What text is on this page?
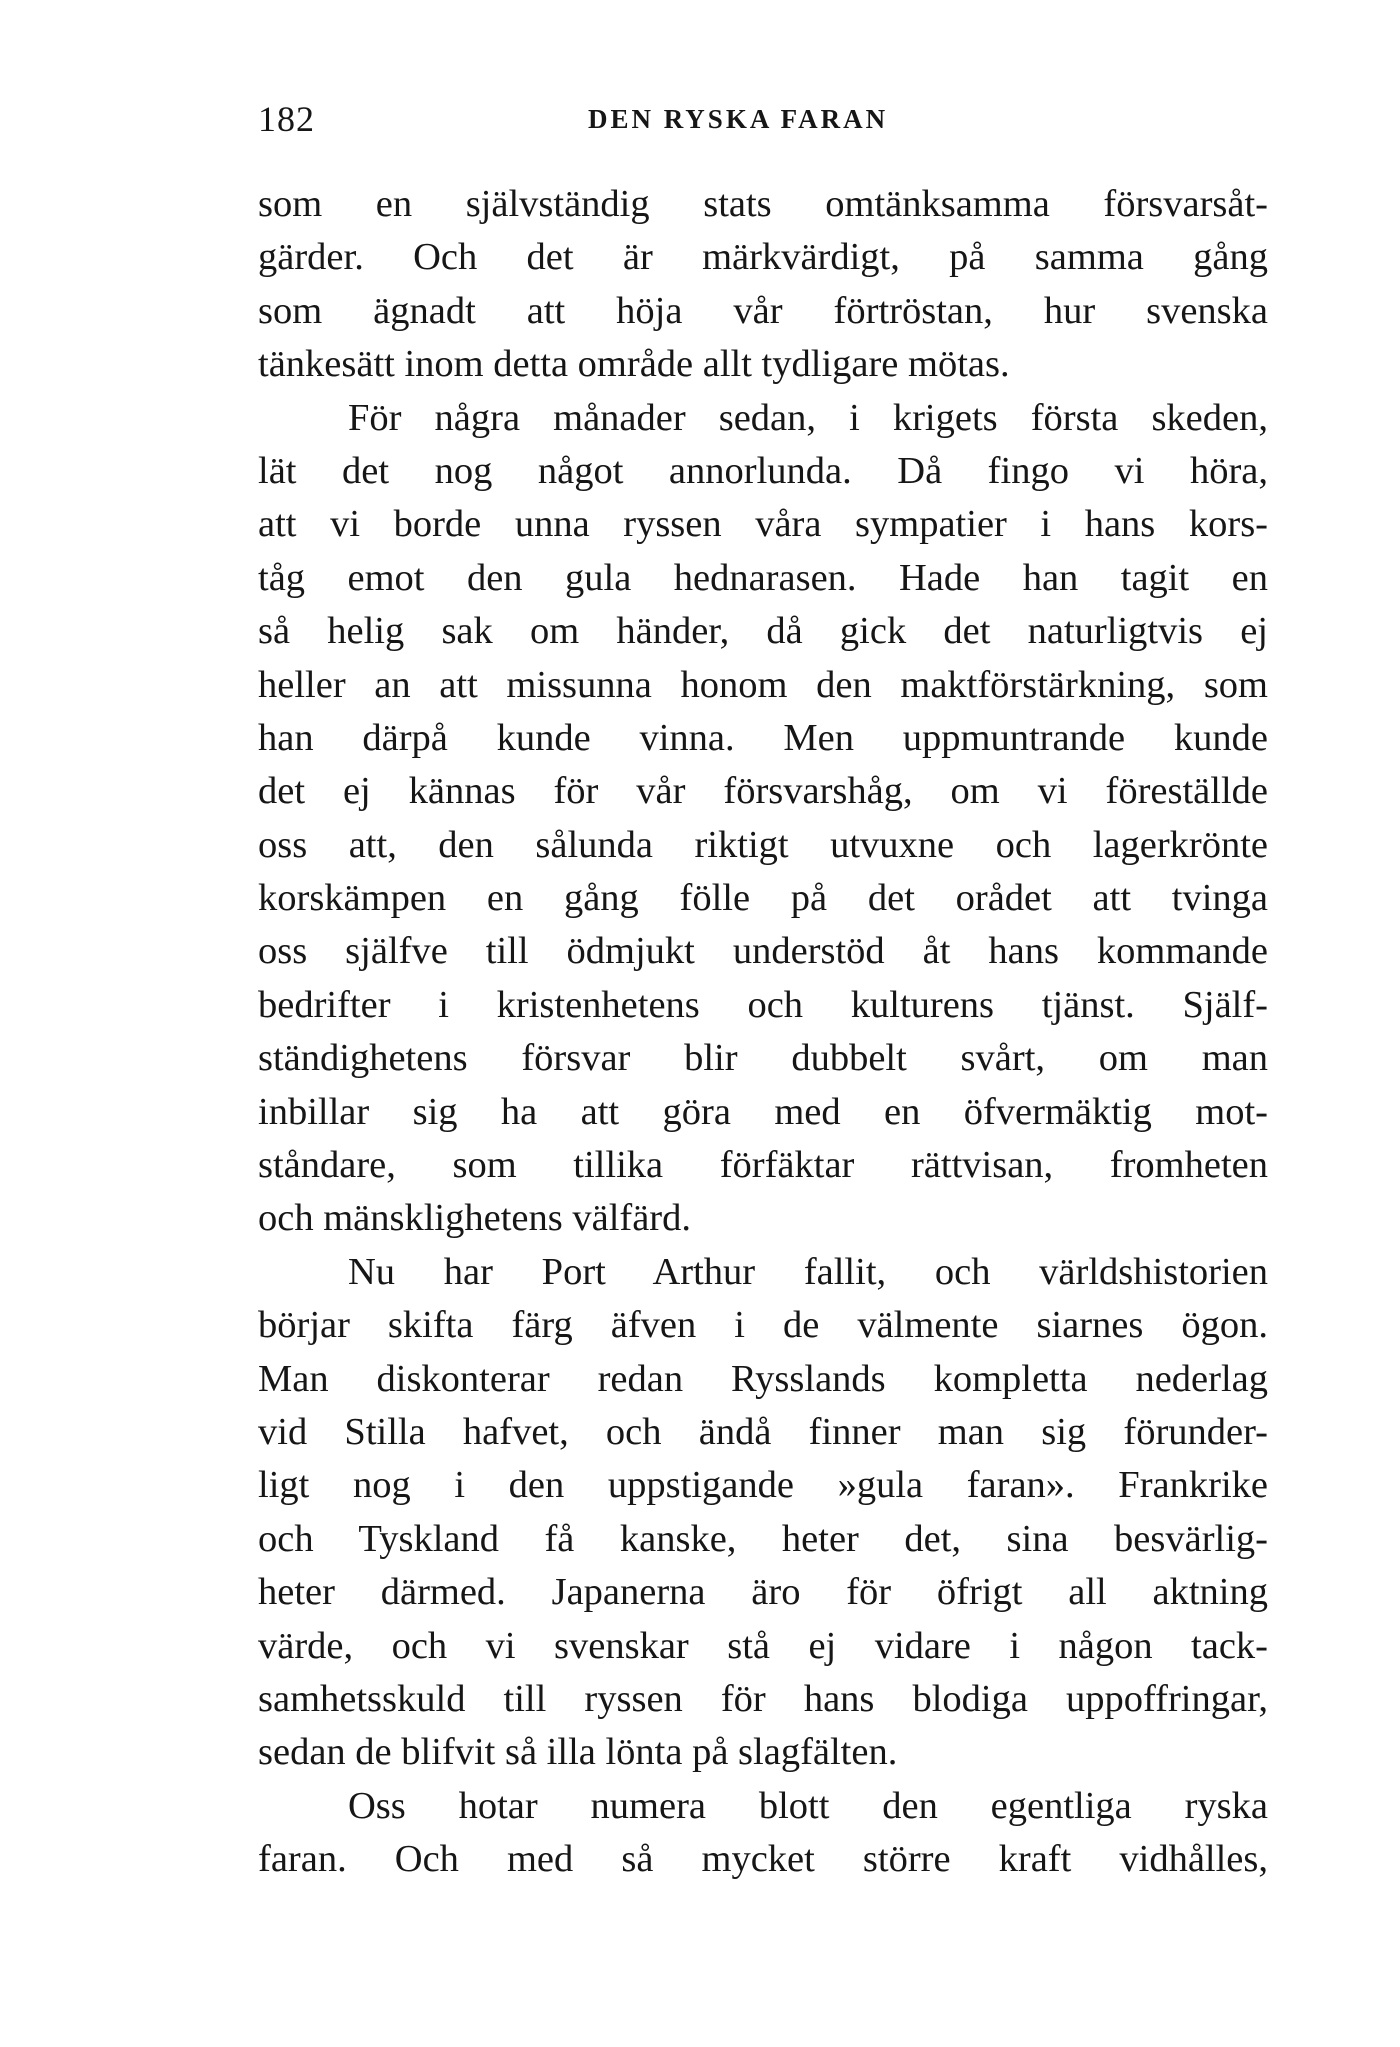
182	DEN RYSKA FARAN
som en självständig stats omtänksamma försvarsåt-
gärder. Och det är märkvärdigt, på samma gång
som ägnadt att höja vår förtröstan, hur svenska
tänkesätt inom detta område allt tydligare mötas.
För några månader sedan, i krigets första skeden,
lät det nog något annorlunda. Då fingo vi höra,
att vi borde unna ryssen våra sympatier i hans kors-
tåg emot den gula hednarasen. Hade han tagit en
så helig sak om händer, då gick det naturligtvis ej
heller an att missunna honom den maktförstärkning, som
han därpå kunde vinna. Men uppmuntrande kunde
det ej kännas för vår försvarshåg, om vi föreställde
oss att, den sålunda riktigt utvuxne och lagerkrönte
korskämpen en gång fölle på det orådet att tvinga
oss själfve till ödmjukt understöd åt hans kommande
bedrifter i kristenhetens och kulturens tjänst. Själf-
ständighetens försvar blir dubbelt svårt, om man
inbillar sig ha att göra med en öfvermäktig mot-
ståndare, som tillika förfäktar rättvisan, fromheten
och mänsklighetens välfärd.
Nu har Port Arthur fallit, och världshistorien
börjar skifta färg äfven i de välmente siarnes ögon.
Man diskonterar redan Rysslands kompletta nederlag
vid Stilla hafvet, och ändå finner man sig förunder-
ligt nog i den uppstigande »gula faran». Frankrike
och Tyskland få kanske, heter det, sina besvärlig-
heter därmed. Japanerna äro för öfrigt all aktning
värde, och vi svenskar stå ej vidare i någon tack-
samhetsskuld till ryssen för hans blodiga uppoffringar,
sedan de blifvit så illa lönta på slagfälten.
Oss hotar numera blott den egentliga ryska
faran. Och med så mycket större kraft vidhålles,
